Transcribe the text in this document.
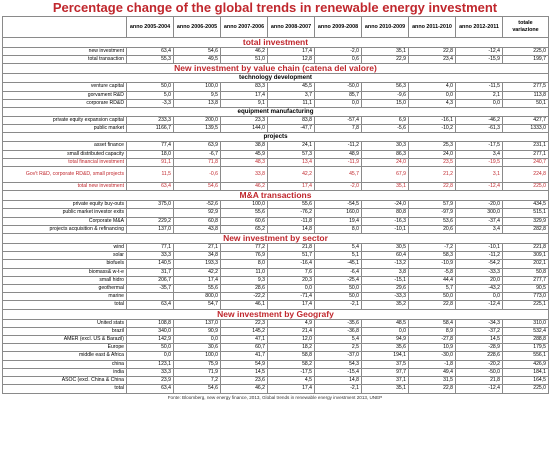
Percentage change of the global trends in renewable energy investment
	anno 2005-2004	anno 2006-2005	anno 2007-2006	anno 2008-2007	anno 2009-2008	anno 2010-2009	anno 2011-2010	anno 2012-2011	totale variazione
total investment									
new investment	63,4	54,6	46,2	17,4	-2,0	35,1	22,8	-12,4	225,0
total transaction	55,3	49,5	51,0	12,8	0,6	22,9	23,4	-15,9	199,7
New investment by value chain (catena del valore)									
technology development									
venture capital	50,0	100,0	83,3	45,5	-50,0	56,3	4,0	-11,5	277,5
gorvament R&D	5,0	9,5	17,4	3,7	85,7	-9,6	0,0	2,1	113,8
corporare RD&D	-3,3	13,8	9,1	11,1	0,0	15,0	4,3	0,0	50,1
equipment manufacturing									
private equity expansion capital	233,3	200,0	23,3	83,8	-57,4	6,9	-16,1	-46,2	427,7
public market	1166,7	139,5	144,0	-47,7	7,8	-5,6	-10,2	-61,3	1333,0
projects									
asset finance	77,4	63,9	38,8	24,1	-11,2	30,3	25,3	-17,5	231,1
small distributed capacity	18,0	-6,7	45,9	57,3	48,9	86,3	24,0	3,4	277,1
total financial investment	91,1	71,8	48,3	13,4	-11,9	24,0	23,5	-19,5	240,7
Gov't R&D, corporate RD&D, small projects	11,5	-0,6	33,8	42,2	45,7	67,9	21,2	3,1	224,8
total new investment	63,4	54,6	46,2	17,4	-2,0	35,1	22,8	-12,4	225,0
M&A transactions									
private equity buy-outs	375,0	-52,6	100,0	55,6	-54,5	-24,0	57,9	-20,0	434,5
public market investor exits		92,9	55,6	-76,2	160,0	80,8	-97,9	300,0	515,1
Corporate M&A	229,2	60,8	60,6	-11,8	19,4	-16,3	53,6	-37,4	329,9
projects acquisition & refinancing	137,0	43,8	65,2	14,8	8,0	-10,1	20,6	3,4	282,8
New investment by sector									
wind	77,1	27,1	77,2	21,8	5,4	30,5	-7,2	-10,1	221,8
solar	33,3	34,8	76,9	51,7	5,1	60,4	58,3	-11,2	309,1
biofuels	140,5	193,3	8,0	-16,4	-45,1	-13,2	-10,9	-54,2	202,1
biomass& w-t-e	31,7	42,2	11,0	7,6	-6,4	3,8	-5,8	-33,3	50,8
small hidro	206,7	17,4	9,3	20,3	-25,4	-15,1	44,4	20,0	277,7
geothermal	-35,7	55,6	28,6	0,0	50,0	29,6	5,7	-43,2	90,5
marine		800,0	-22,2	-71,4	50,0	-33,3	50,0	0,0	773,0
total	63,4	54,7	46,1	17,4	-2,1	35,2	22,8	-12,4	225,1
New investment by Geografy									
United stats	108,8	137,0	22,3	4,9	-35,6	48,5	58,4	-34,3	310,0
brazil	340,0	90,9	145,2	21,4	-36,8	0,0	8,9	-37,2	532,4
AMER (excl. US & Barazil)	142,9	0,0	47,1	12,0	5,4	94,9	-27,8	14,5	288,8
Europe	50,0	30,6	60,7	18,2	2,5	35,6	10,9	-28,9	179,5
middle east & Africa	0,0	100,0	41,7	58,8	-37,0	194,1	-30,0	228,6	556,1
china	123,1	75,9	54,9	58,2	54,3	37,5	-1,8	-20,2	426,9
india	33,3	71,9	14,5	-17,5	-15,4	97,7	49,4	-50,0	184,1
ASOC (excl. China & China	23,9	7,2	23,6	4,5	14,8	37,1	31,5	21,8	164,5
total	63,4	54,6	46,2	17,4	-2,1	35,1	22,8	-12,4	225,0
Fonte: Bloomberg, new energy finance, 2013, Global trends in renewable energy investment 2013, UNEP
